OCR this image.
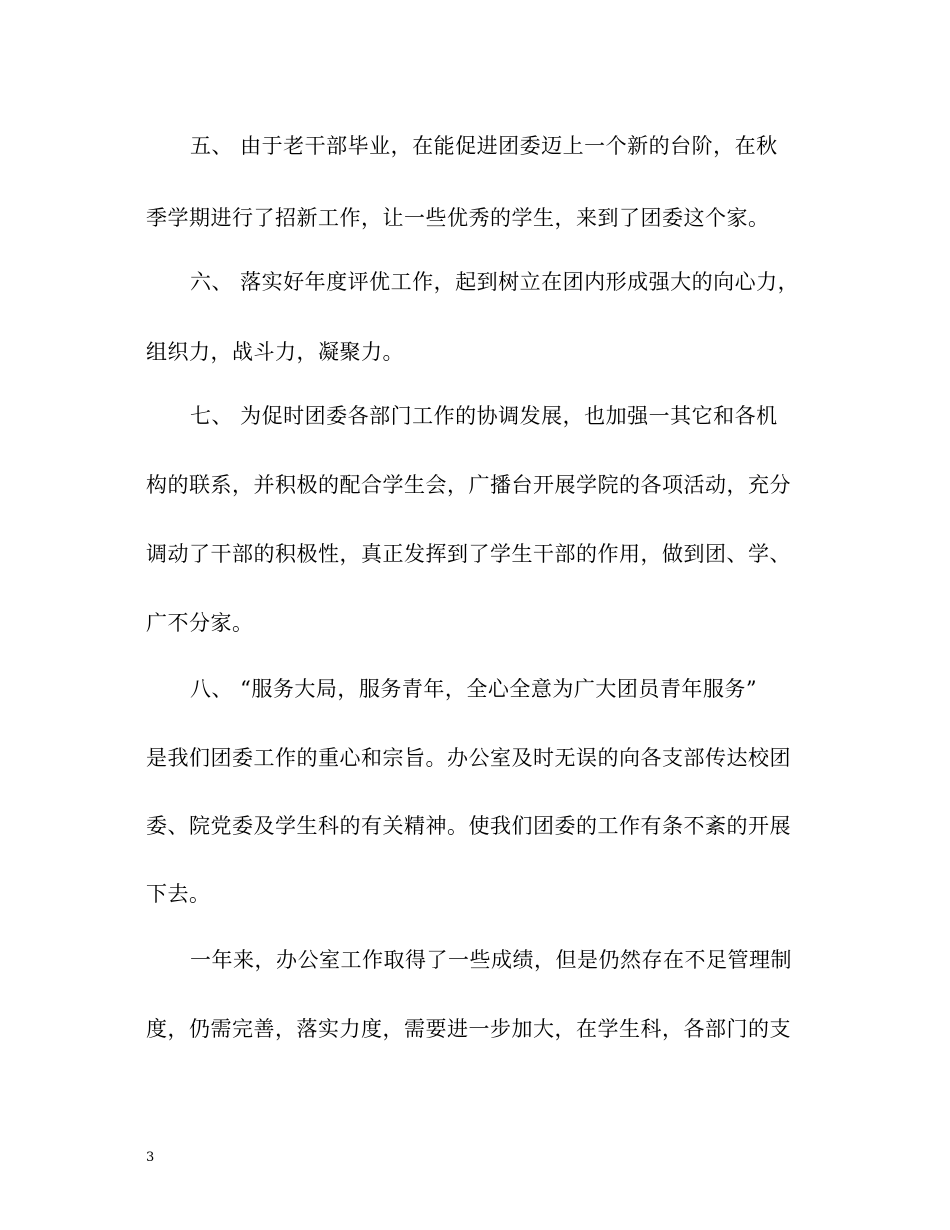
五、 由于老干部毕业，在能促进团委迈上一个新的台阶，在秋
季学期进行了招新工作，让一些优秀的学生，来到了团委这个家。
六、 落实好年度评优工作，起到树立在团内形成强大的向心力，
组织力，战斗力，凝聚力。
七、 为促时团委各部门工作的协调发展，也加强一其它和各机
构的联系，并积极的配合学生会，广播台开展学院的各项活动，充分
调动了干部的积极性，真正发挥到了学生干部的作用，做到团、学、
广不分家。
八、 “服务大局，服务青年，全心全意为广大团员青年服务”
是我们团委工作的重心和宗旨。办公室及时无误的向各支部传达校团
委、院党委及学生科的有关精神。使我们团委的工作有条不紊的开展
下去。
一年来，办公室工作取得了一些成绩，但是仍然存在不足管理制
度，仍需完善，落实力度，需要进一步加大，在学生科，各部门的支
3
